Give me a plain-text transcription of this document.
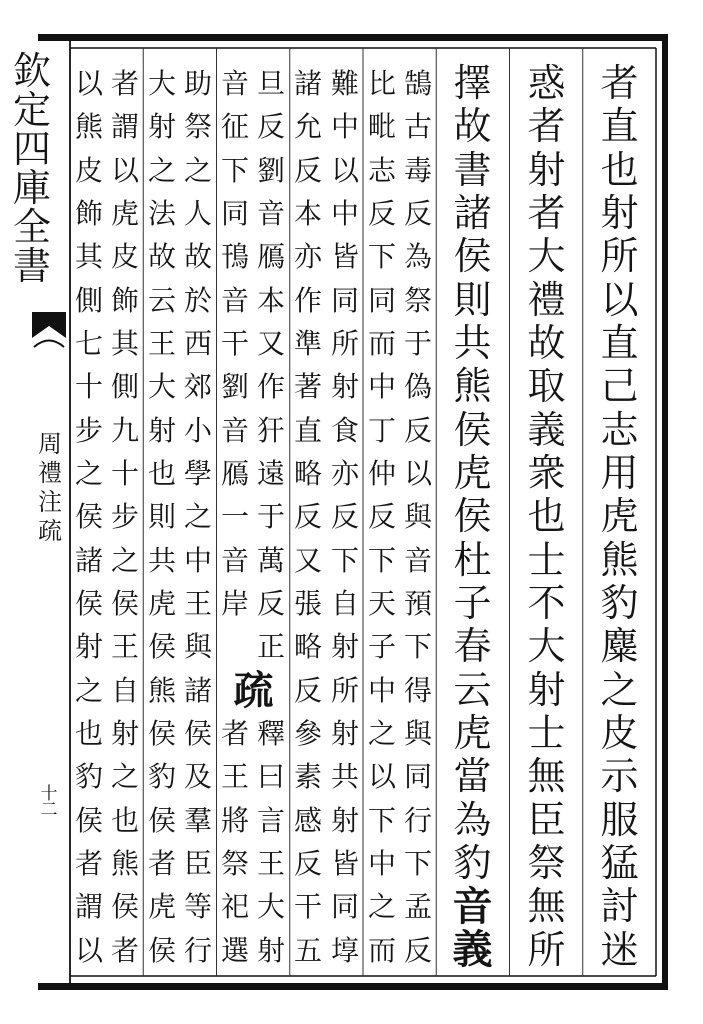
欽
定
四
庫
全
書
周
禮
注
疏
十
二
者
直
也
射
所
以
直
己
志
用
虎
熊
豹
麋
之
皮
示
服
猛
討
迷
惑
者
射
者
大
禮
故
取
義
衆
也
士
不
大
射
士
無
臣
祭
無
所
擇
故
書
諸
侯
則
共
熊
侯
虎
侯
杜
子
春
云
虎
當
為
豹
音
義
鵠
古
毒
反
為
祭
于
偽
反
以
與
音
預
下
得
與
同
行
下
孟
反
比
毗
志
反
下
同
而
中
丁
仲
反
下
天
子
中
之
以
下
中
之
而
難
中
以
中
皆
同
所
射
食
亦
反
下
自
射
所
射
共
射
皆
同
埻
諸
允
反
本
亦
作
準
著
直
略
反
又
張
略
反
參
素
感
反
干
五
旦
反
劉
音
鴈
本
又
作
犴
遠
于
萬
反
正
音
征
下
同
鳱
音
干
劉
音
鴈
一
音
岸
疏
釋
曰
言
王
大
射
者
王
將
祭
祀
選
助
祭
之
人
故
於
西
郊
小
學
之
中
王
與
諸
侯
及
羣
臣
等
行
大
射
之
法
故
云
王
大
射
也
則
共
虎
侯
熊
侯
豹
侯
者
虎
侯
者
謂
以
虎
皮
飾
其
側
九
十
步
之
侯
王
自
射
之
也
熊
侯
者
以
熊
皮
飾
其
側
七
十
步
之
侯
諸
侯
射
之
也
豹
侯
者
謂
以
